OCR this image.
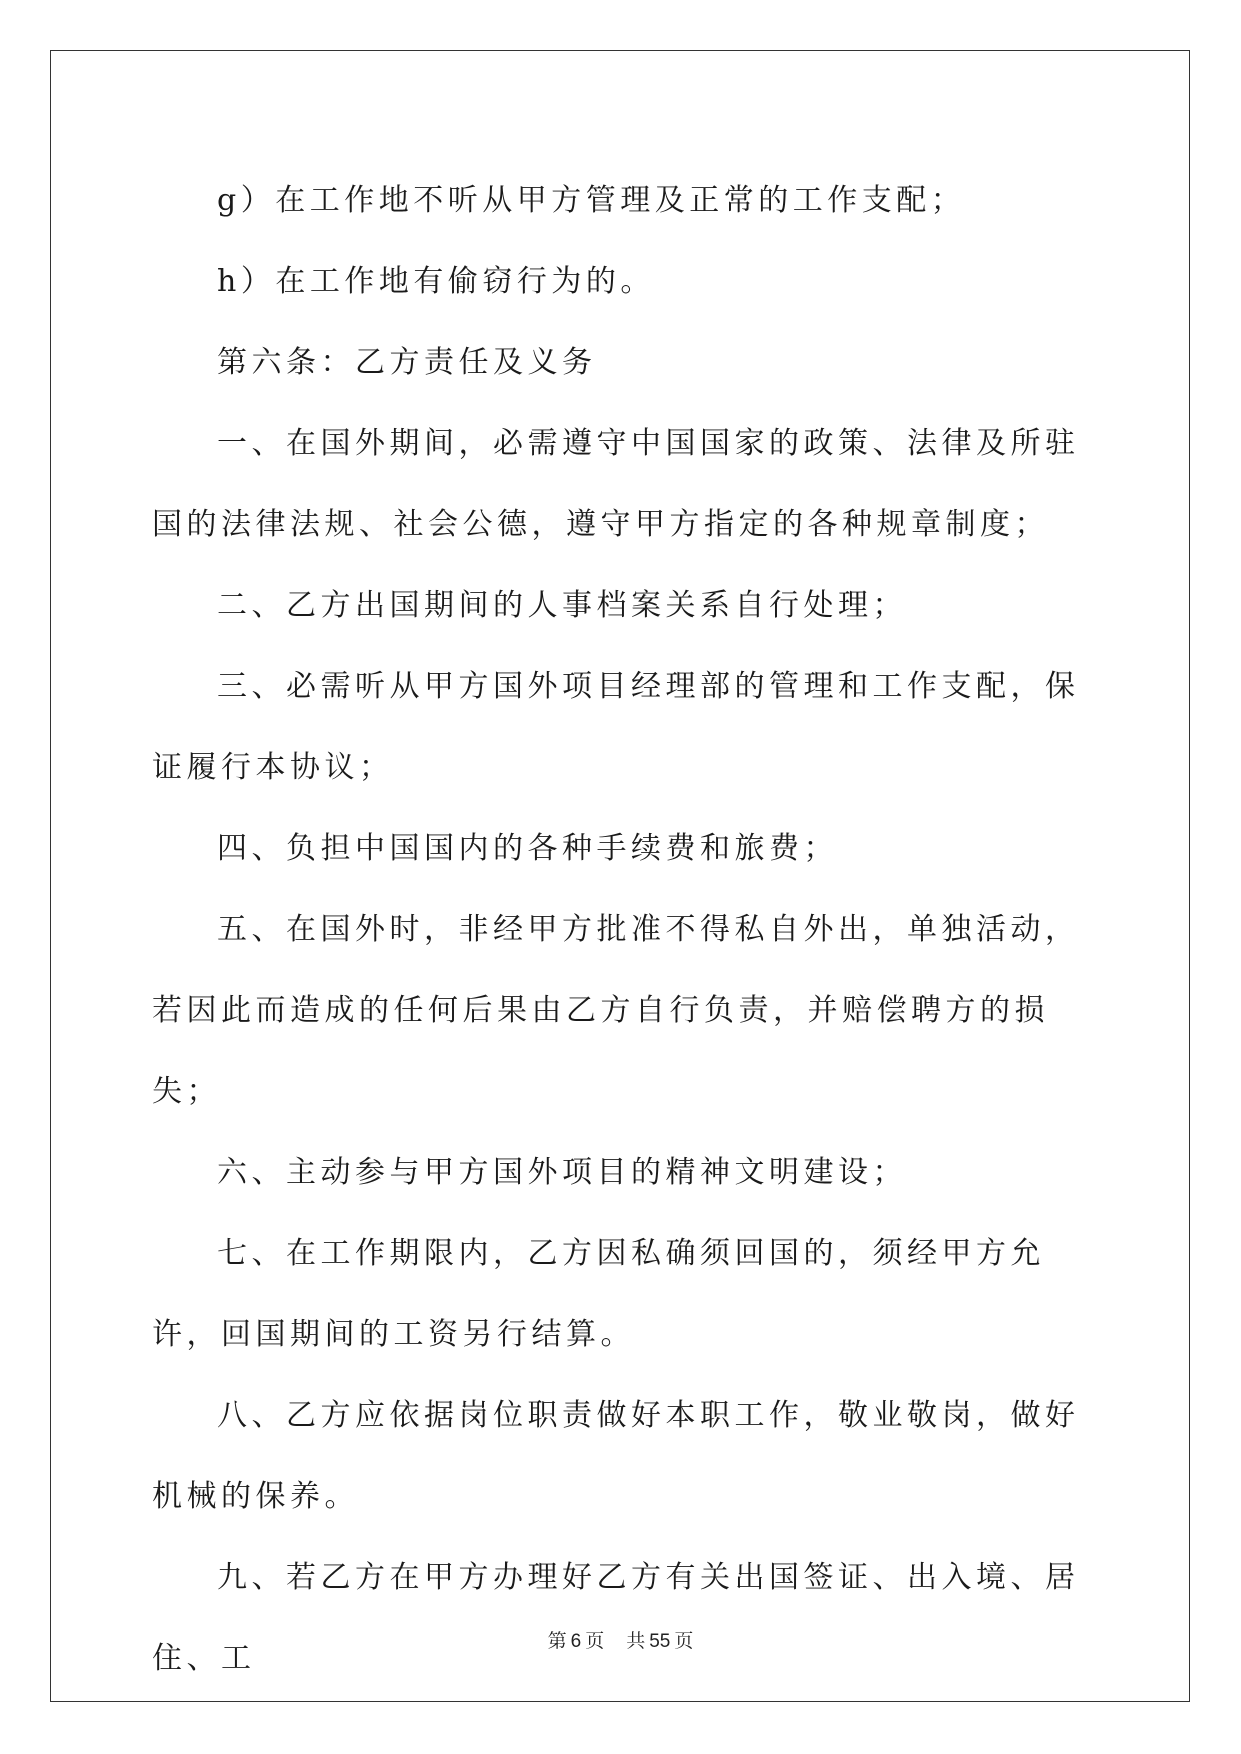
g）在工作地不听从甲方管理及正常的工作支配；

h）在工作地有偷窃行为的。

第六条：乙方责任及义务

一、在国外期间，必需遵守中国国家的政策、法律及所驻国的法律法规、社会公德，遵守甲方指定的各种规章制度；

二、乙方出国期间的人事档案关系自行处理；

三、必需听从甲方国外项目经理部的管理和工作支配，保证履行本协议；

四、负担中国国内的各种手续费和旅费；

五、在国外时，非经甲方批准不得私自外出，单独活动，若因此而造成的任何后果由乙方自行负责，并赔偿聘方的损失；

六、主动参与甲方国外项目的精神文明建设；

七、在工作期限内，乙方因私确须回国的，须经甲方允许，回国期间的工资另行结算。

八、乙方应依据岗位职责做好本职工作，敬业敬岗，做好机械的保养。

九、若乙方在甲方办理好乙方有关出国签证、出入境、居住、工	第 6 页 共 55 页
